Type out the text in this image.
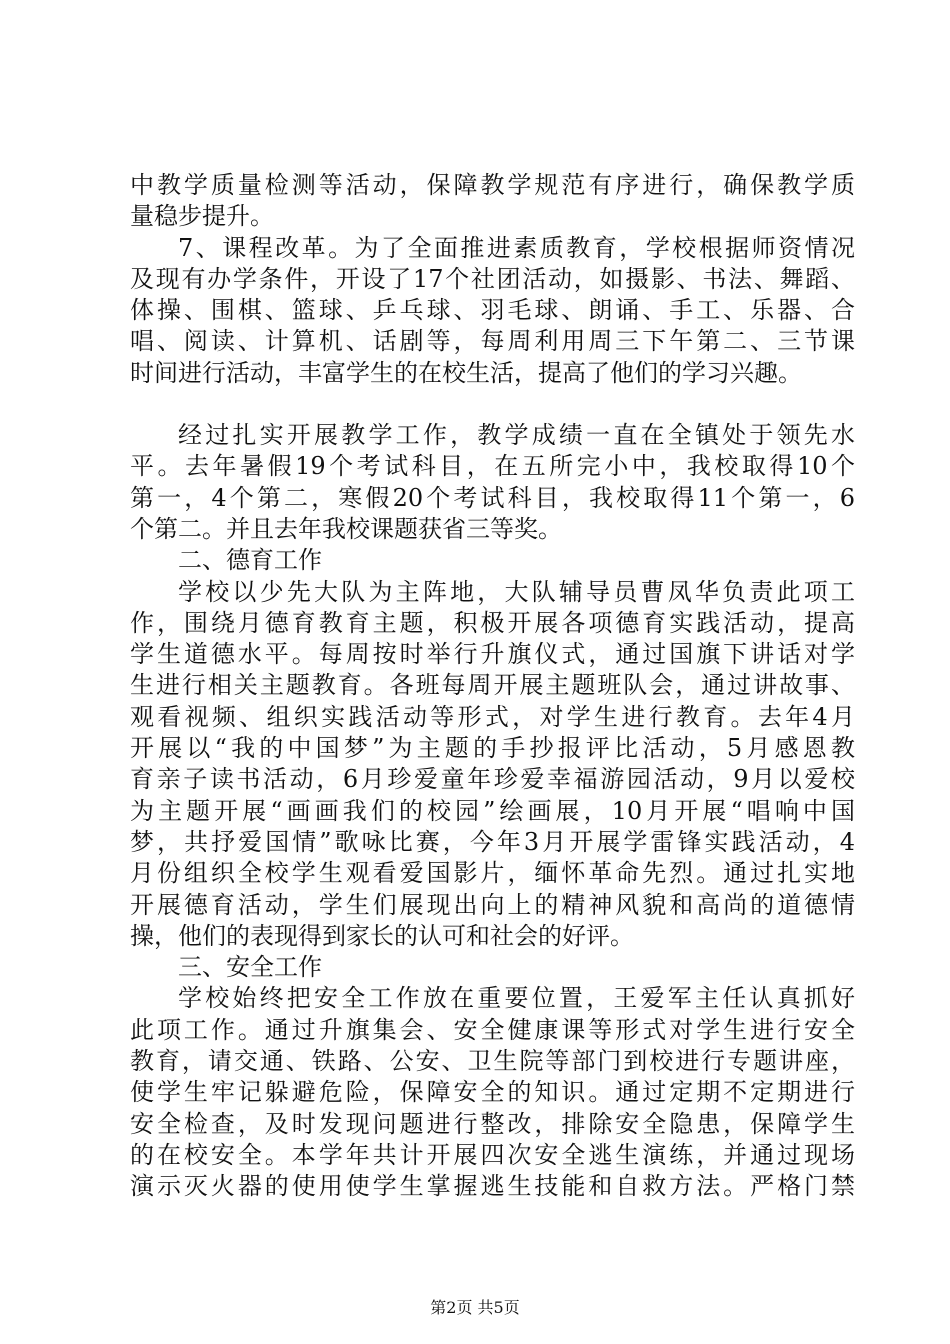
中教学质量检测等活动，保障教学规范有序进行，确保教学质
量稳步提升。
7、课程改革。为了全面推进素质教育，学校根据师资情况
及现有办学条件，开设了17个社团活动，如摄影、书法、舞蹈、
体操、围棋、篮球、乒乓球、羽毛球、朗诵、手工、乐器、合
唱、阅读、计算机、话剧等，每周利用周三下午第二、三节课
时间进行活动，丰富学生的在校生活，提高了他们的学习兴趣。
经过扎实开展教学工作，教学成绩一直在全镇处于领先水
平。去年暑假19个考试科目，在五所完小中，我校取得10个
第一，4个第二，寒假20个考试科目，我校取得11个第一，6
个第二。并且去年我校课题获省三等奖。
二、德育工作
学校以少先大队为主阵地，大队辅导员曹凤华负责此项工
作，围绕月德育教育主题，积极开展各项德育实践活动，提高
学生道德水平。每周按时举行升旗仪式，通过国旗下讲话对学
生进行相关主题教育。各班每周开展主题班队会，通过讲故事、
观看视频、组织实践活动等形式，对学生进行教育。去年4月
开展以“我的中国梦”为主题的手抄报评比活动，5月感恩教
育亲子读书活动，6月珍爱童年珍爱幸福游园活动，9月以爱校
为主题开展“画画我们的校园”绘画展，10月开展“唱响中国
梦，共抒爱国情”歌咏比赛，今年3月开展学雷锋实践活动，4
月份组织全校学生观看爱国影片，缅怀革命先烈。通过扎实地
开展德育活动，学生们展现出向上的精神风貌和高尚的道德情
操，他们的表现得到家长的认可和社会的好评。
三、安全工作
学校始终把安全工作放在重要位置，王爱军主任认真抓好
此项工作。通过升旗集会、安全健康课等形式对学生进行安全
教育，请交通、铁路、公安、卫生院等部门到校进行专题讲座，
使学生牢记躲避危险，保障安全的知识。通过定期不定期进行
安全检查，及时发现问题进行整改，排除安全隐患，保障学生
的在校安全。本学年共计开展四次安全逃生演练，并通过现场
演示灭火器的使用使学生掌握逃生技能和自救方法。严格门禁
第2页 共5页
